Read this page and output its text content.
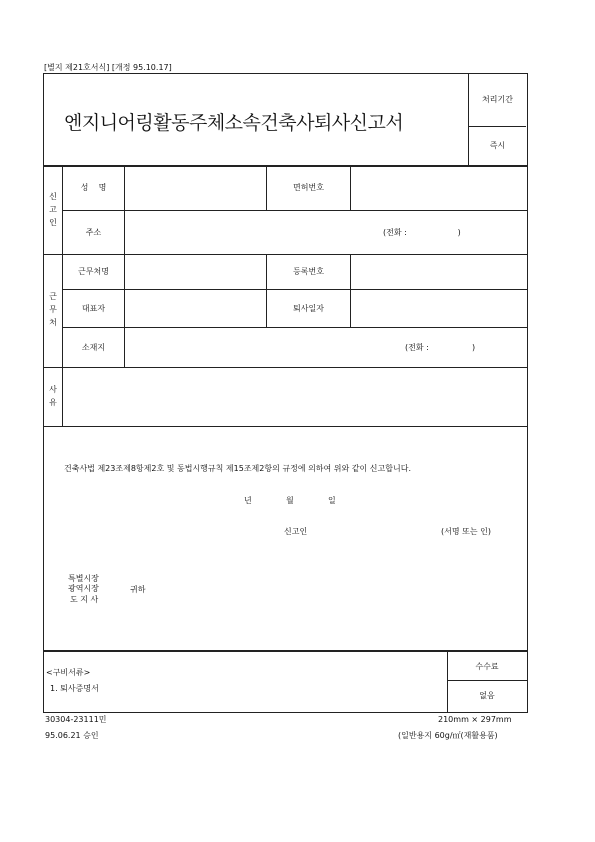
[별지 제21호서식] [개정 95.10.17]
엔지니어링활동주체소속건축사퇴사신고서
처리기간
즉시
신고인
성    명	면허번호
주소	(전화 :                    )
근무처
근무처명	등록번호
대표자	퇴사일자
소재지	(전화 :                 )
사유
건축사법 제23조제8항제2호 및 동법시행규칙 제15조제2항의 규정에 의하여 위와 같이 신고합니다.
년	월	일
신고인	(서명 또는 인)
특별시장
광역시장
도 지 사
귀하
<구비서류>
1. 퇴사증명서
수수료
없음
30304-23111민	210mm × 297mm
95.06.21 승인	(일반용지 60g/㎡(재활용품)
